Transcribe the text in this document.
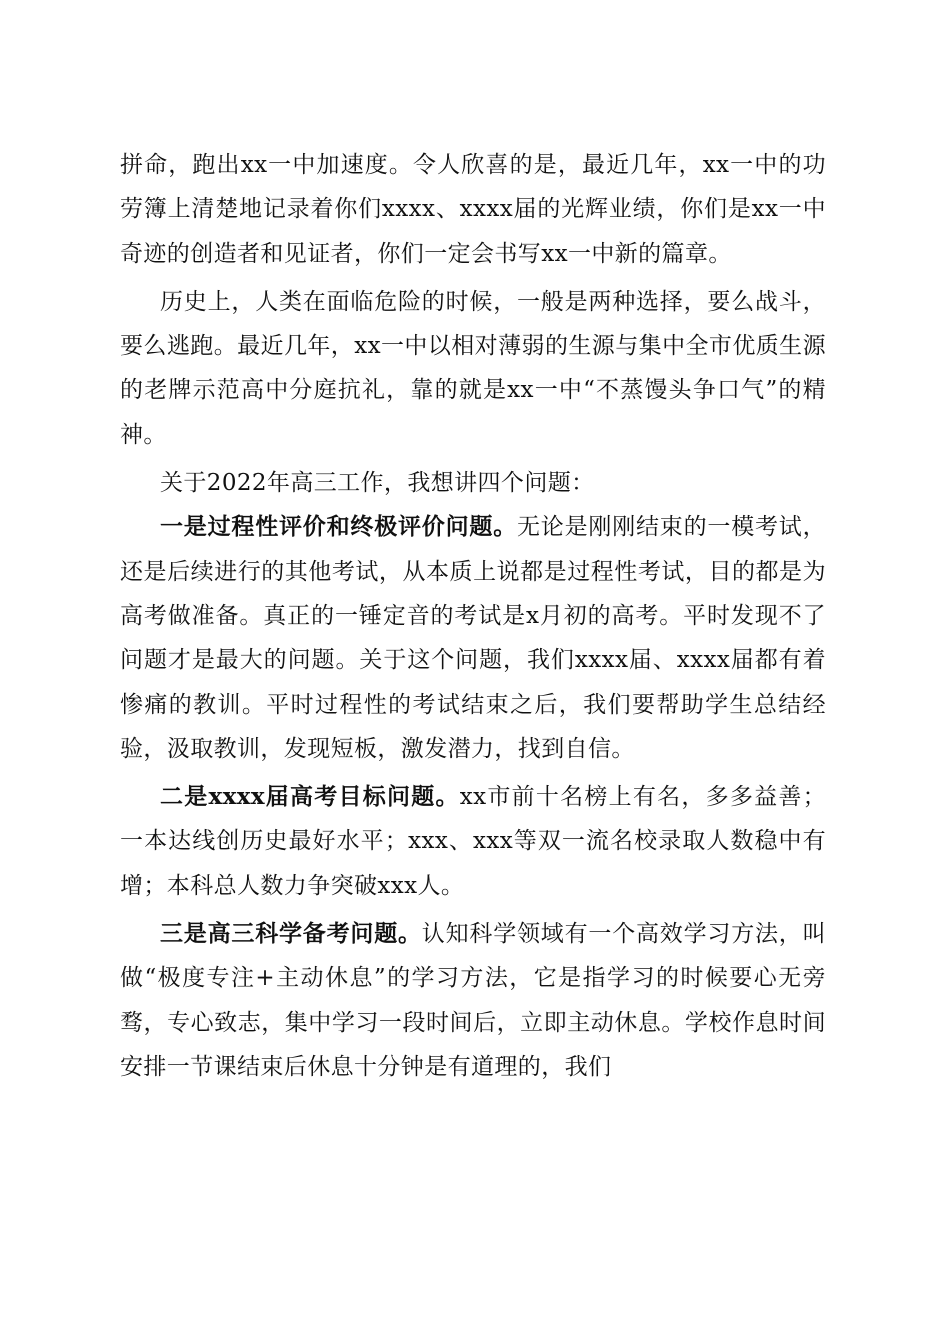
拼命，跑出xx一中加速度。令人欣喜的是，最近几年，xx一中的功劳簿上清楚地记录着你们xxxx、xxxx届的光辉业绩，你们是xx一中奇迹的创造者和见证者，你们一定会书写xx一中新的篇章。

历史上，人类在面临危险的时候，一般是两种选择，要么战斗，要么逃跑。最近几年，xx一中以相对薄弱的生源与集中全市优质生源的老牌示范高中分庭抗礼，靠的就是xx一中“不蒸馒头争口气”的精神。

关于2022年高三工作，我想讲四个问题：

一是过程性评价和终极评价问题。无论是刚刚结束的一模考试，还是后续进行的其他考试，从本质上说都是过程性考试，目的都是为高考做准备。真正的一锤定音的考试是x月初的高考。平时发现不了问题才是最大的问题。关于这个问题，我们xxxx届、xxxx届都有着惨痛的教训。平时过程性的考试结束之后，我们要帮助学生总结经验，汲取教训，发现短板，激发潜力，找到自信。

二是xxxx届高考目标问题。xx市前十名榜上有名，多多益善；一本达线创历史最好水平；xxx、xxx等双一流名校录取人数稳中有增；本科总人数力争突破xxx人。

三是高三科学备考问题。认知科学领域有一个高效学习方法，叫做“极度专注+主动休息”的学习方法，它是指学习的时候要心无旁骛，专心致志，集中学习一段时间后，立即主动休息。学校作息时间安排一节课结束后休息十分钟是有道理的，我们
